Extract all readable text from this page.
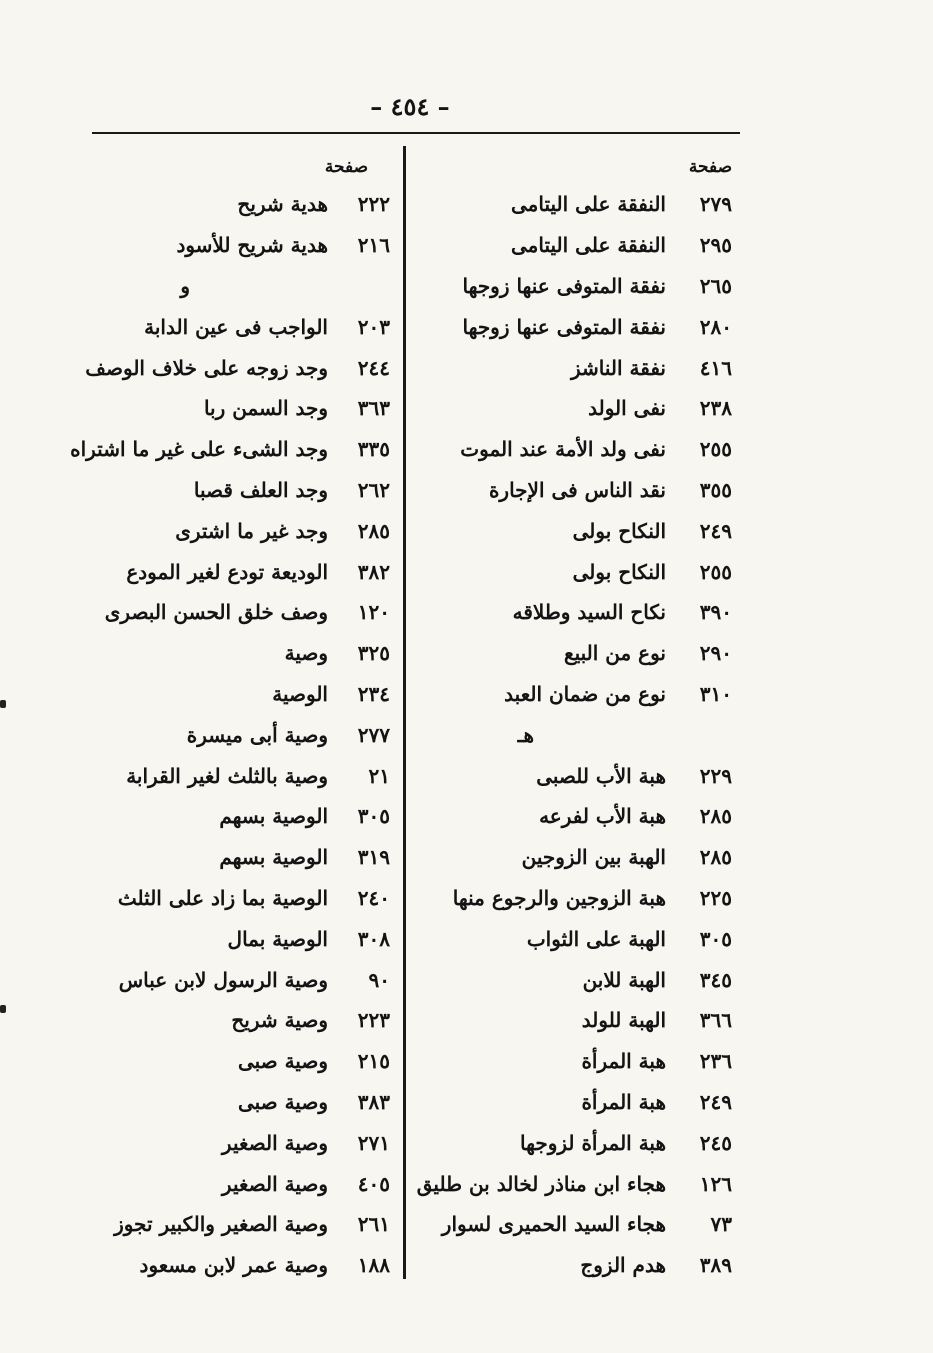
– ٤٥٤ –
صفحة
٢٧٩
النفقة على اليتامى
٢٩٥
النفقة على اليتامى
٢٦٥
نفقة المتوفى عنها زوجها
٢٨٠
نفقة المتوفى عنها زوجها
٤١٦
نفقة الناشز
٢٣٨
نفى الولد
٢٥٥
نفى ولد الأمة عند الموت
٣٥٥
نقد الناس فى الإجارة
٢٤٩
النكاح بولى
٢٥٥
النكاح بولى
٣٩٠
نكاح السيد وطلاقه
٢٩٠
نوع من البيع
٣١٠
نوع من ضمان العبد
هـ
٢٢٩
هبة الأب للصبى
٢٨٥
هبة الأب لفرعه
٢٨٥
الهبة بين الزوجين
٢٢٥
هبة الزوجين والرجوع منها
٣٠٥
الهبة على الثواب
٣٤٥
الهبة للابن
٣٦٦
الهبة للولد
٢٣٦
هبة المرأة
٢٤٩
هبة المرأة
٢٤٥
هبة المرأة لزوجها
١٢٦
هجاء ابن مناذر لخالد بن طليق
٧٣
هجاء السيد الحميرى لسوار
٣٨٩
هدم الزوج
صفحة
٢٢٢
هدية شريح
٢١٦
هدية شريح للأسود
و
٢٠٣
الواجب فى عين الدابة
٢٤٤
وجد زوجه على خلاف الوصف
٣٦٣
وجد السمن ربا
٣٣٥
وجد الشىء على غير ما اشتراه
٢٦٢
وجد العلف قصبا
٢٨٥
وجد غير ما اشترى
٣٨٢
الوديعة تودع لغير المودع
١٢٠
وصف خلق الحسن البصرى
٣٢٥
وصية
٢٣٤
الوصية
٢٧٧
وصية أبى ميسرة
٢١
وصية بالثلث لغير القرابة
٣٠٥
الوصية بسهم
٣١٩
الوصية بسهم
٢٤٠
الوصية بما زاد على الثلث
٣٠٨
الوصية بمال
٩٠
وصية الرسول لابن عباس
٢٢٣
وصية شريح
٢١٥
وصية صبى
٣٨٣
وصية صبى
٢٧١
وصية الصغير
٤٠٥
وصية الصغير
٢٦١
وصية الصغير والكبير تجوز
١٨٨
وصية عمر لابن مسعود
